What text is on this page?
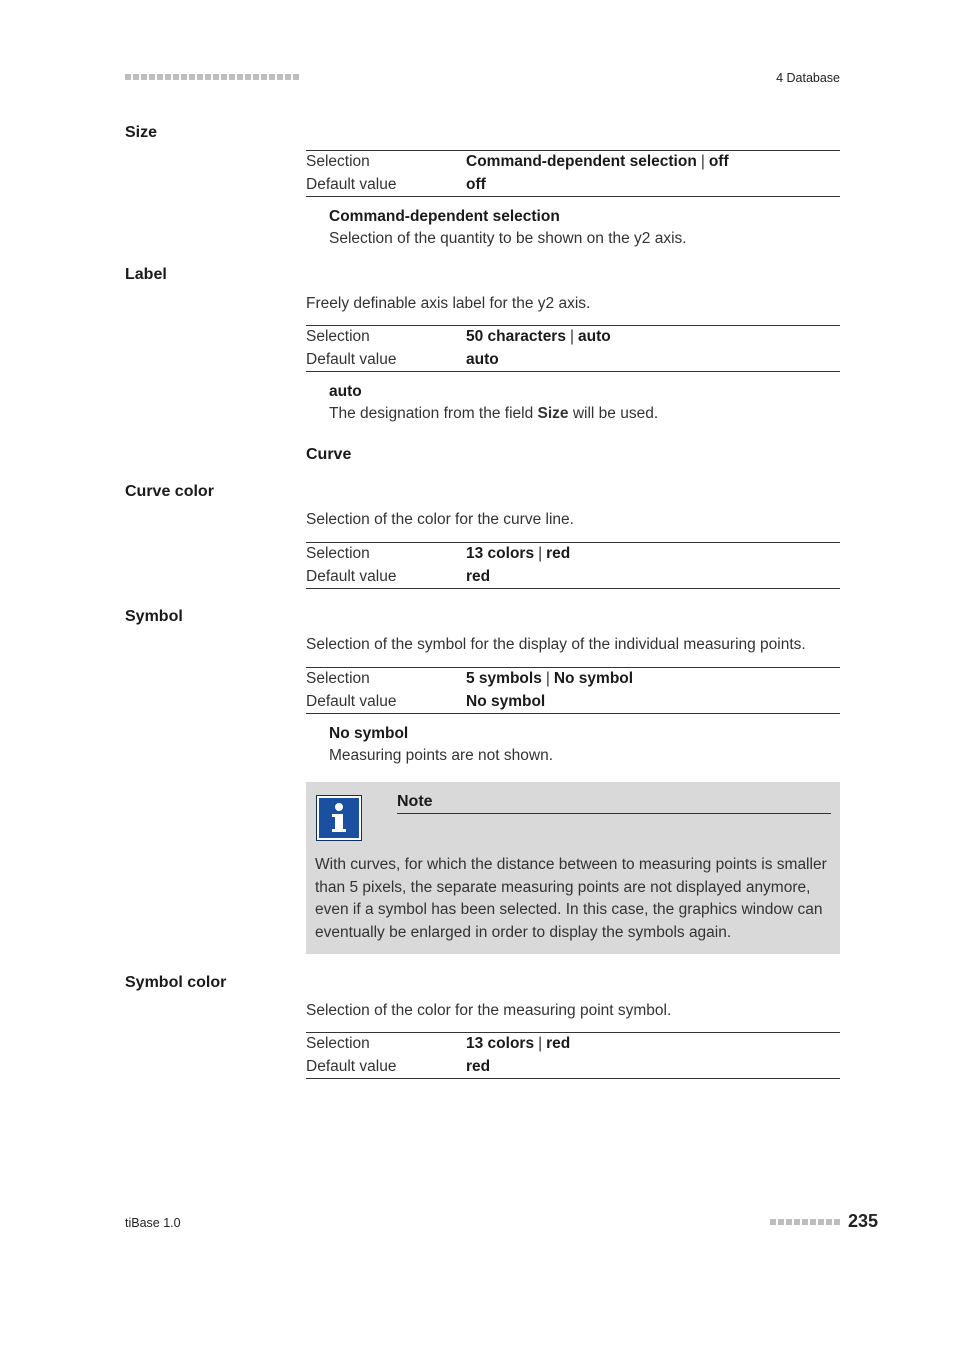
4 Database
Size
Selection	Command-dependent selection | off
Default value	off
Command-dependent selection
Selection of the quantity to be shown on the y2 axis.
Label
Freely definable axis label for the y2 axis.
Selection	50 characters | auto
Default value	auto
auto
The designation from the field Size will be used.
Curve
Curve color
Selection of the color for the curve line.
Selection	13 colors | red
Default value	red
Symbol
Selection of the symbol for the display of the individual measuring points.
Selection	5 symbols | No symbol
Default value	No symbol
No symbol
Measuring points are not shown.
Note
With curves, for which the distance between to measuring points is smaller than 5 pixels, the separate measuring points are not displayed anymore, even if a symbol has been selected. In this case, the graphics window can eventually be enlarged in order to display the symbols again.
Symbol color
Selection of the color for the measuring point symbol.
Selection	13 colors | red
Default value	red
tiBase 1.0	235
